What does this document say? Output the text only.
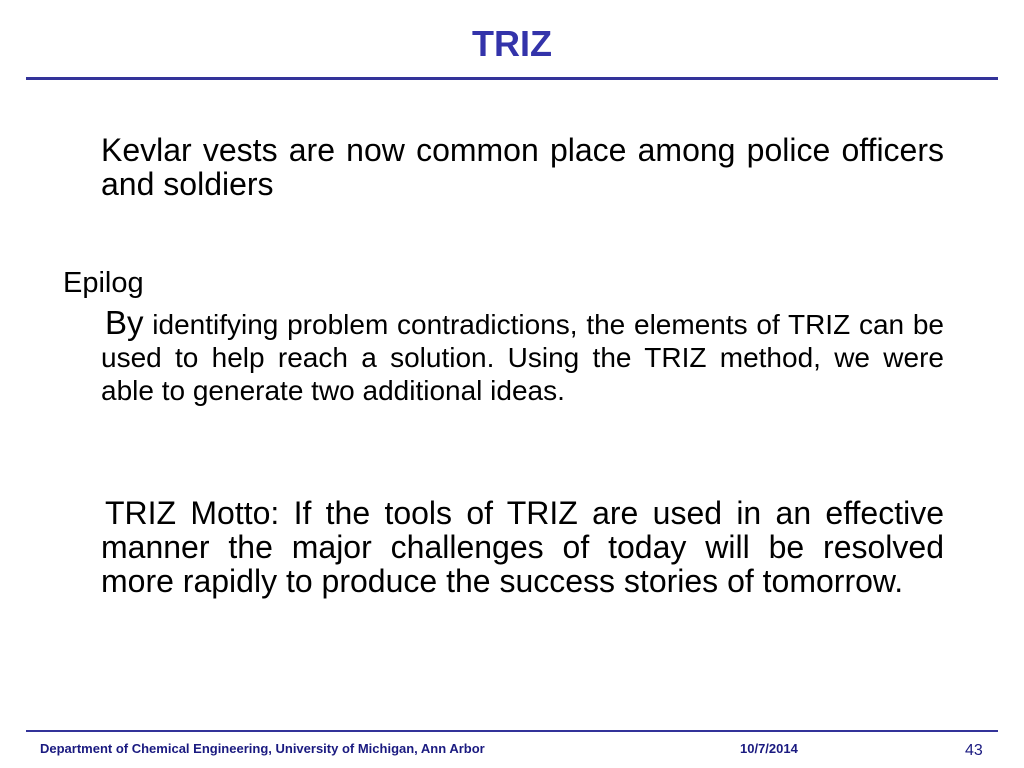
TRIZ

Kevlar vests are now common place among police officers and soldiers

Epilog

By identifying problem contradictions, the elements of TRIZ can be used to help reach a solution. Using the TRIZ method, we were able to generate two additional ideas.

TRIZ Motto: If the tools of TRIZ are used in an effective manner the major challenges of today will be resolved more rapidly to produce the success stories of tomorrow.

Department of Chemical Engineering, University of Michigan, Ann Arbor	10/7/2014	43
